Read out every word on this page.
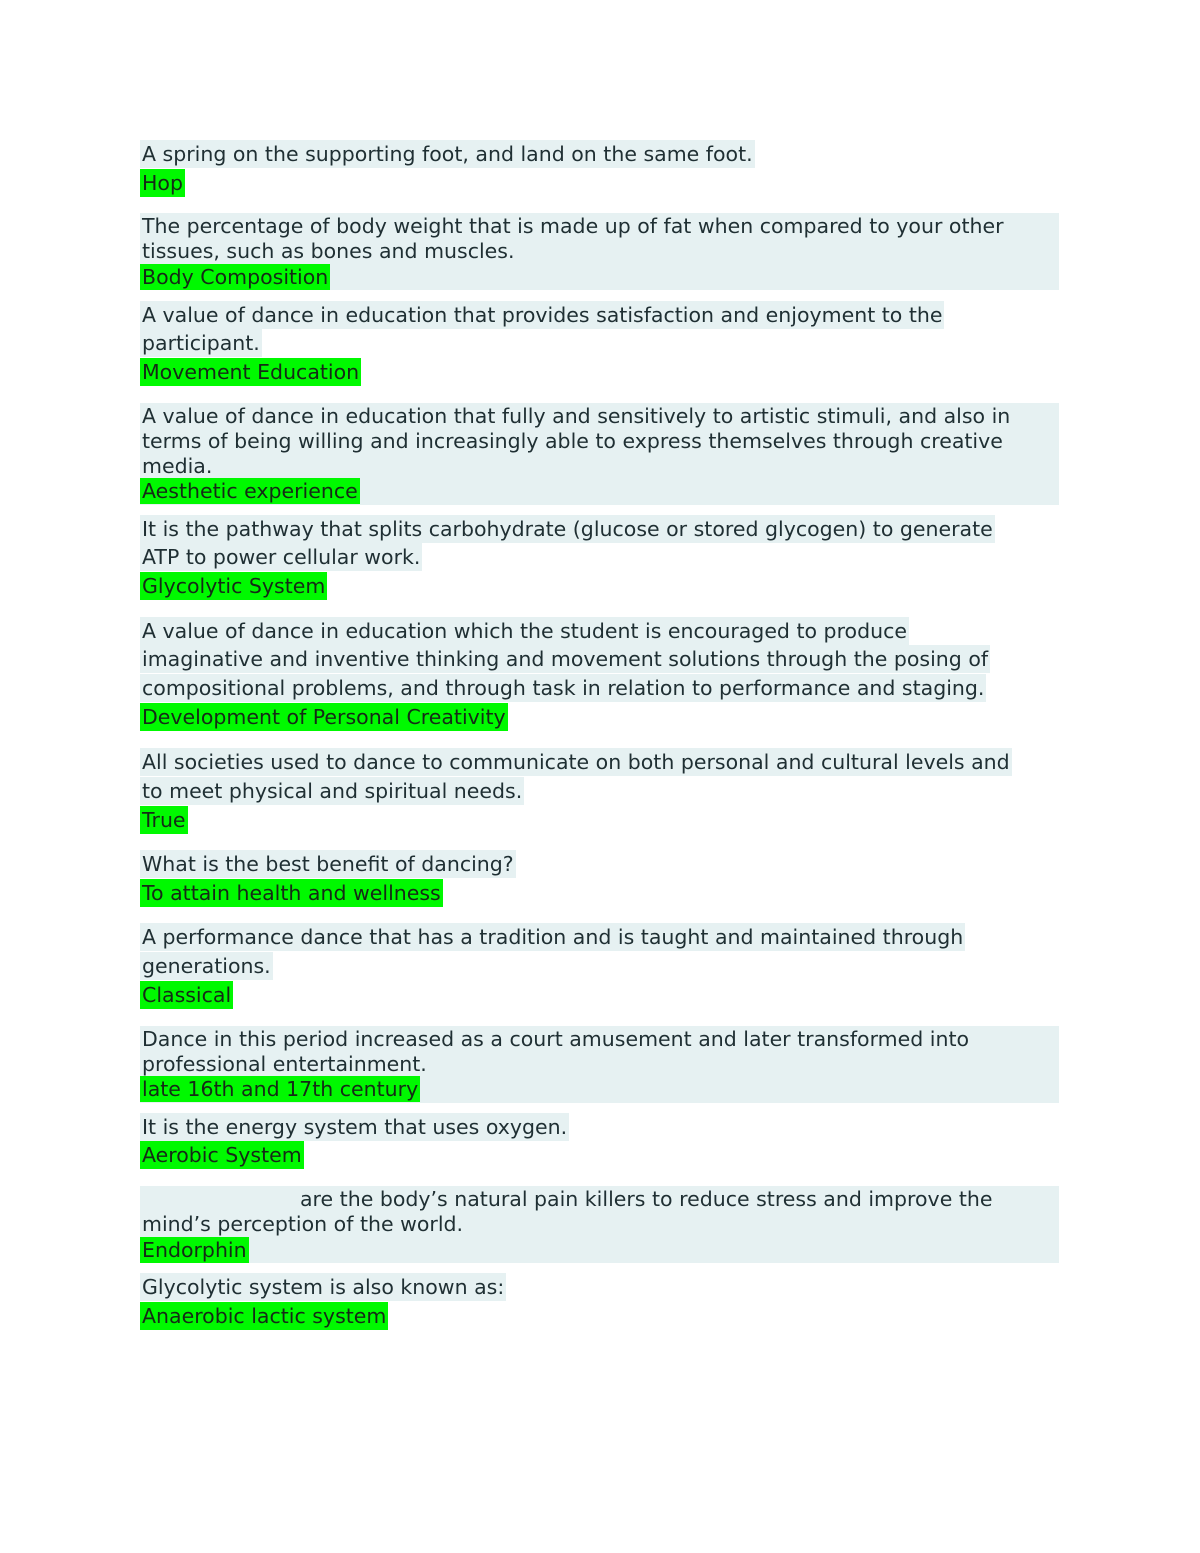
A spring on the supporting foot, and land on the same foot.
Hop
The percentage of body weight that is made up of fat when compared to your other
tissues, such as bones and muscles.
Body Composition
A value of dance in education that provides satisfaction and enjoyment to the
participant.
Movement Education
A value of dance in education that fully and sensitively to artistic stimuli, and also in
terms of being willing and increasingly able to express themselves through creative
media.
Aesthetic experience
It is the pathway that splits carbohydrate (glucose or stored glycogen) to generate
ATP to power cellular work.
Glycolytic System
A value of dance in education which the student is encouraged to produce
imaginative and inventive thinking and movement solutions through the posing of
compositional problems, and through task in relation to performance and staging.
Development of Personal Creativity
All societies used to dance to communicate on both personal and cultural levels and
to meet physical and spiritual needs.
True
What is the best benefit of dancing?
To attain health and wellness
A performance dance that has a tradition and is taught and maintained through
generations.
Classical
Dance in this period increased as a court amusement and later transformed into
professional entertainment.
late 16th and 17th century
It is the energy system that uses oxygen.
Aerobic System
are the body’s natural pain killers to reduce stress and improve the
mind’s perception of the world.
Endorphin
Glycolytic system is also known as:
Anaerobic lactic system
